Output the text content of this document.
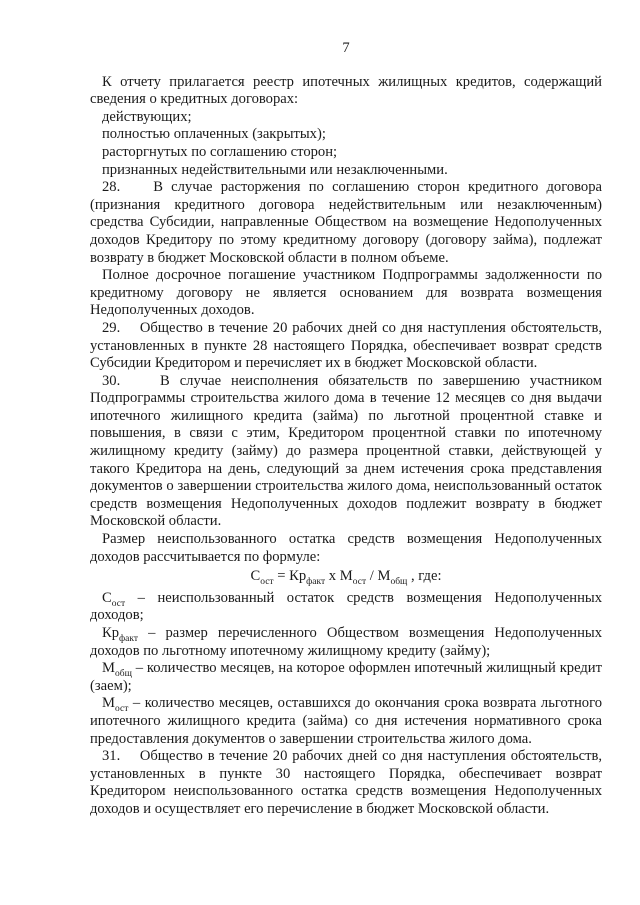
7

К отчету прилагается реестр ипотечных жилищных кредитов, содержащий сведения о кредитных договорах:

действующих;

полностью оплаченных (закрытых);

расторгнутых по соглашению сторон;

признанных недействительными или незаключенными.

28.    В случае расторжения по соглашению сторон кредитного договора (признания кредитного договора недействительным или незаключенным) средства Субсидии, направленные Обществом на возмещение Недополученных доходов Кредитору по этому кредитному договору (договору займа), подлежат возврату в бюджет Московской области в полном объеме.

Полное досрочное погашение участником Подпрограммы задолженности по кредитному договору не является основанием для возврата возмещения Недополученных доходов.

29.    Общество в течение 20 рабочих дней со дня наступления обстоятельств, установленных в пункте 28 настоящего Порядка, обеспечивает возврат средств Субсидии Кредитором и перечисляет их в бюджет Московской области.

30.    В случае неисполнения обязательств по завершению участником Подпрограммы строительства жилого дома в течение 12 месяцев со дня выдачи ипотечного жилищного кредита (займа) по льготной процентной ставке и повышения, в связи с этим, Кредитором процентной ставки по ипотечному жилищному кредиту (займу) до размера процентной ставки, действующей у такого Кредитора на день, следующий за днем истечения срока представления документов о завершении строительства жилого дома, неиспользованный остаток средств возмещения Недополученных доходов подлежит возврату в бюджет Московской области.

Размер неиспользованного остатка средств возмещения Недополученных доходов рассчитывается по формуле:

$С_{ост} = Кр_{факт}$ х $М_{ост} / М_{общ}$ , где:

$С_{ост}$ – неиспользованный остаток средств возмещения Недополученных доходов;

$Кр_{факт}$ – размер перечисленного Обществом возмещения Недополученных доходов по льготному ипотечному жилищному кредиту (займу);

$М_{общ}$ – количество месяцев, на которое оформлен ипотечный жилищный кредит (заем);

$М_{ост}$ – количество месяцев, оставшихся до окончания срока возврата льготного ипотечного жилищного кредита (займа) со дня истечения нормативного срока предоставления документов о завершении строительства жилого дома.

31.    Общество в течение 20 рабочих дней со дня наступления обстоятельств, установленных в пункте 30 настоящего Порядка, обеспечивает возврат Кредитором неиспользованного остатка средств возмещения Недополученных доходов и осуществляет его перечисление в бюджет Московской области.
